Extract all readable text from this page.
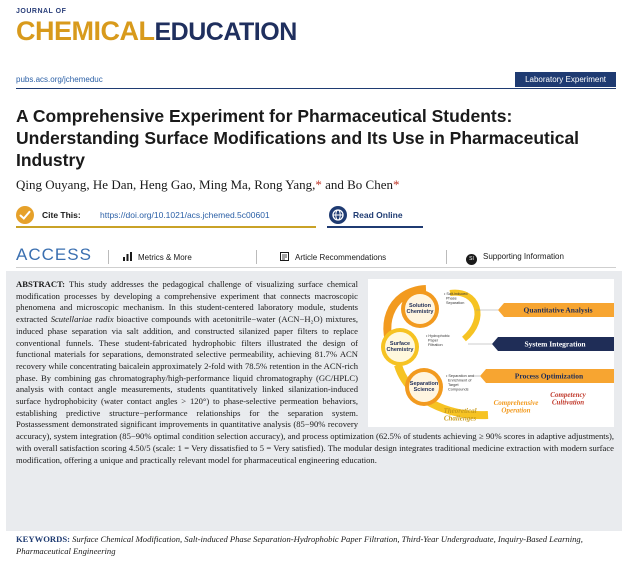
JOURNAL OF
CHEMICALEDUCATION
pubs.acs.org/jchemeduc	Laboratory Experiment
A Comprehensive Experiment for Pharmaceutical Students: Understanding Surface Modifications and Its Use in Pharmaceutical Industry
Qing Ouyang, He Dan, Heng Gao, Ming Ma, Rong Yang,* and Bo Chen*
Cite This: https://doi.org/10.1021/acs.jchemed.5c00601	Read Online
ACCESS	Metrics & More	Article Recommendations	SI Supporting Information

Solution Chemistry
Surface Chemistry
Separation Science
• Salt-induced Phase Separation
• Hydrophobic Paper Filtration
• Separation and Enrichment of Target Compounds
Quantitative Analysis
System Integration
Process Optimization
Competency Cultivation
Comprehensive Operation
Theoretical Challenges
ABSTRACT: This study addresses the pedagogical challenge of visualizing surface chemical modification processes by developing a comprehensive experiment that connects macroscopic phenomena and microscopic mechanism. In this student-centered laboratory module, students extracted Scutellariae radix bioactive compounds with acetonitrile−water (ACN−H₂O) mixtures, induced phase separation via salt addition, and constructed silanized paper filters to replace conventional funnels. These student-fabricated hydrophobic filters illustrated the design of functional materials for separations, demonstrated selective permeability, achieving 81.7% ACN recovery while concentrating baicalein approximately 2-fold with 78.5% retention in the ACN-rich phase. By combining gas chromatography/high-performance liquid chromatography (GC/HPLC) analysis with contact angle measurements, students quantitatively linked silanization-induced surface hydrophobicity (water contact angles > 120°) to phase-selective permeation behaviors, establishing predictive structure−performance relationships for the separation system. Postassessment demonstrated significant improvements in quantitative analysis (85−90% recovery accuracy), system integration (85−90% optimal condition selection accuracy), and process optimization (62.5% of students achieving ≥ 90% scores in adaptive adjustments), with overall satisfaction scoring 4.50/5 (scale: 1 = Very dissatisfied to 5 = Very satisfied). The modular design integrates traditional medicine extraction with modern surface modification, offering a unique and practically relevant model for pharmaceutical engineering education.

KEYWORDS: Surface Chemical Modification, Salt-induced Phase Separation-Hydrophobic Paper Filtration, Third-Year Undergraduate, Inquiry-Based Learning, Pharmaceutical Engineering
